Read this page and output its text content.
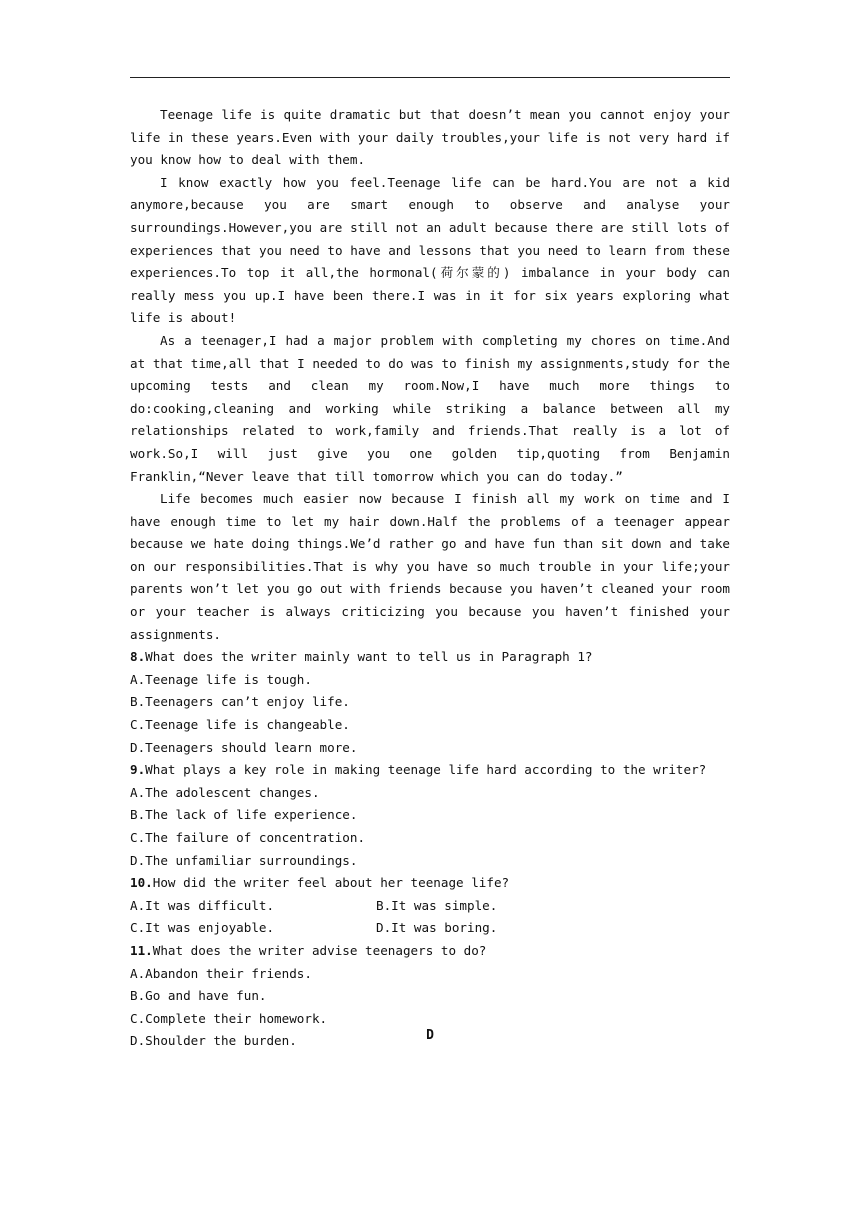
Teenage life is quite dramatic but that doesn’t mean you cannot enjoy your life in these years.Even with your daily troubles,your life is not very hard if you know how to deal with them.

I know exactly how you feel.Teenage life can be hard.You are not a kid anymore,because you are smart enough to observe and analyse your surroundings.However,you are still not an adult because there are still lots of experiences that you need to have and lessons that you need to learn from these experiences.To top it all,the hormonal(荷尔蒙的) imbalance in your body can really mess you up.I have been there.I was in it for six years exploring what life is about!

As a teenager,I had a major problem with completing my chores on time.And at that time,all that I needed to do was to finish my assignments,study for the upcoming tests and clean my room.Now,I have much more things to do:cooking,cleaning and working while striking a balance between all my relationships related to work,family and friends.That really is a lot of work.So,I will just give you one golden tip,quoting from Benjamin Franklin,“Never leave that till tomorrow which you can do today.”

Life becomes much easier now because I finish all my work on time and I have enough time to let my hair down.Half the problems of a teenager appear because we hate doing things.We’d rather go and have fun than sit down and take on our responsibilities.That is why you have so much trouble in your life;your parents won’t let you go out with friends because you haven’t cleaned your room or your teacher is always criticizing you because you haven’t finished your assignments.

8.What does the writer mainly want to tell us in Paragraph 1?

A.Teenage life is tough.

B.Teenagers can’t enjoy life.

C.Teenage life is changeable.

D.Teenagers should learn more.

9.What plays a key role in making teenage life hard according to the writer?

A.The adolescent changes.

B.The lack of life experience.

C.The failure of concentration.

D.The unfamiliar surroundings.

10.How did the writer feel about her teenage life?

A.It was difficult.	B.It was simple.

C.It was enjoyable.	D.It was boring.

11.What does the writer advise teenagers to do?

A.Abandon their friends.

B.Go and have fun.

C.Complete their homework.

D.Shoulder the burden.	D
